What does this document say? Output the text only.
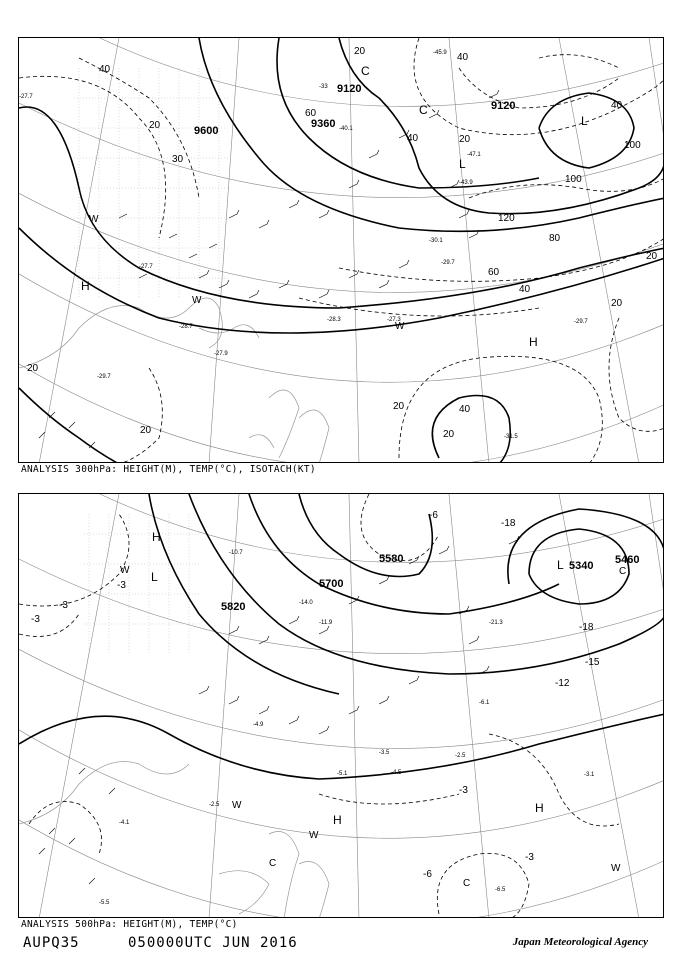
9120
9120
9360
9600
40
20
40
60
20
40
100
100
120
80
60
40
20
20
20
20
40
20
40
20
20
30
H
H
L
L
C
C
W
W
W
-27.7
-29.7
-27.7
-28.7
-27.3
-28.3
-31.5
-29.7
-29.7
-27.9
-30.1
-43.9
-47.1
-45.9
-40.1
-33
ANALYSIS 300hPa: HEIGHT(M), TEMP(°C), ISOTACH(KT)
5700
5820
5580
5340 5460
-3
-3
-3
-3
-6
-12
-15
-18
-18
-6
-3
H
H
H
L
L	C
C
W
W
W
W
C
-6.5
-3.1
-2.5
-4.5
-5.1
-3.5
-21.3
-10.7
-14.0
-11.9
-4.9
-6.1
-5.5
-4.1
-2.5
ANALYSIS 500hPa: HEIGHT(M), TEMP(°C)
AUPQ35	050000UTC JUN 2016	Japan Meteorological Agency
